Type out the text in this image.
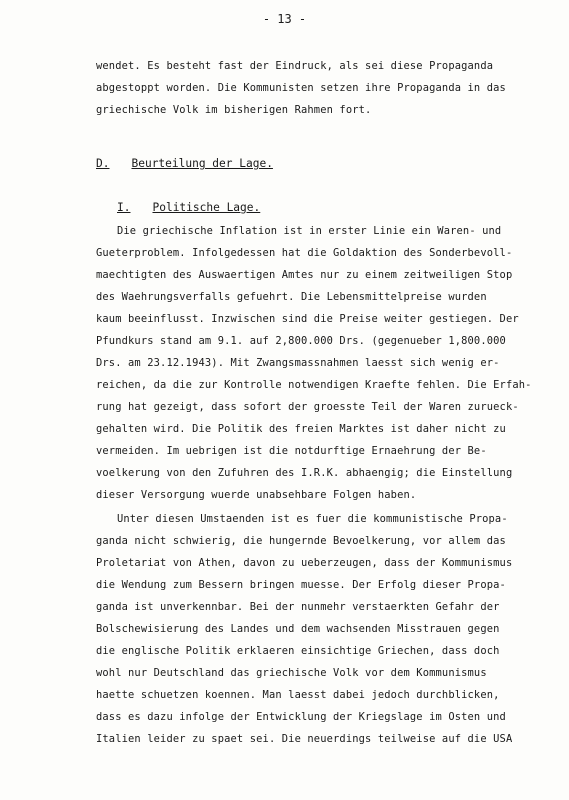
- 13 -
wendet. Es besteht fast der Eindruck, als sei diese Propaganda
abgestoppt worden. Die Kommunisten setzen ihre Propaganda in das
griechische Volk im bisherigen Rahmen fort.
D. Beurteilung der Lage.
I. Politische Lage.
Die griechische Inflation ist in erster Linie ein Waren- und
Gueterproblem. Infolgedessen hat die Goldaktion des Sonderbevoll-
maechtigten des Auswaertigen Amtes nur zu einem zeitweiligen Stop
des Waehrungsverfalls gefuehrt. Die Lebensmittelpreise wurden
kaum beeinflusst. Inzwischen sind die Preise weiter gestiegen. Der
Pfundkurs stand am 9.1. auf 2,800.000 Drs. (gegenueber 1,800.000
Drs. am 23.12.1943). Mit Zwangsmassnahmen laesst sich wenig er-
reichen, da die zur Kontrolle notwendigen Kraefte fehlen. Die Erfah-
rung hat gezeigt, dass sofort der groesste Teil der Waren zurueck-
gehalten wird. Die Politik des freien Marktes ist daher nicht zu
vermeiden. Im uebrigen ist die notdurftige Ernaehrung der Be-
voelkerung von den Zufuhren des I.R.K. abhaengig; die Einstellung
dieser Versorgung wuerde unabsehbare Folgen haben.
Unter diesen Umstaenden ist es fuer die kommunistische Propa-
ganda nicht schwierig, die hungernde Bevoelkerung, vor allem das
Proletariat von Athen, davon zu ueberzeugen, dass der Kommunismus
die Wendung zum Bessern bringen muesse. Der Erfolg dieser Propa-
ganda ist unverkennbar. Bei der nunmehr verstaerkten Gefahr der
Bolschewisierung des Landes und dem wachsenden Misstrauen gegen
die englische Politik erklaeren einsichtige Griechen, dass doch
wohl nur Deutschland das griechische Volk vor dem Kommunismus
haette schuetzen koennen. Man laesst dabei jedoch durchblicken,
dass es dazu infolge der Entwicklung der Kriegslage im Osten und
Italien leider zu spaet sei. Die neuerdings teilweise auf die USA
